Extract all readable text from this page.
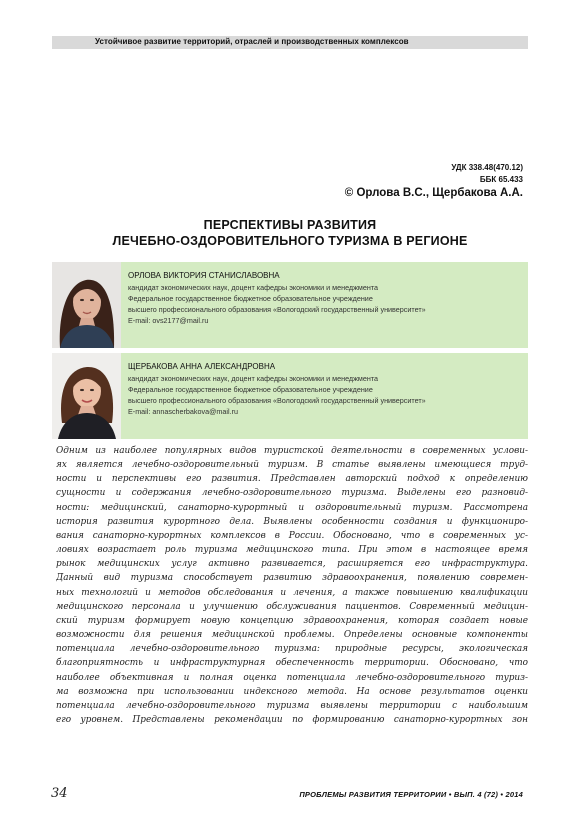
Устойчивое развитие территорий, отраслей и производственных комплексов
УДК 338.48(470.12)
ББК 65.433
© Орлова В.С., Щербакова А.А.
ПЕРСПЕКТИВЫ РАЗВИТИЯ
ЛЕЧЕБНО-ОЗДОРОВИТЕЛЬНОГО ТУРИЗМА В РЕГИОНЕ
ОРЛОВА ВИКТОРИЯ СТАНИСЛАВОВНА
кандидат экономических наук, доцент кафедры экономики и менеджмента
Федеральное государственное бюджетное образовательное учреждение
высшего профессионального образования «Вологодский государственный университет»
E-mail: ovs2177@mail.ru
ЩЕРБАКОВА АННА АЛЕКСАНДРОВНА
кандидат экономических наук, доцент кафедры экономики и менеджмента
Федеральное государственное бюджетное образовательное учреждение
высшего профессионального образования «Вологодский государственный университет»
E-mail: annascherbakova@mail.ru
Одним из наиболее популярных видов туристской деятельности в современных услови-
ях является лечебно-оздоровительный туризм. В статье выявлены имеющиеся труд-
ности и перспективы его развития. Представлен авторский подход к определению
сущности и содержания лечебно-оздоровительного туризма. Выделены его разновид-
ности: медицинский, санаторно-курортный и оздоровительный туризм. Рассмотрена
история развития курортного дела. Выявлены особенности создания и функциониро-
вания санаторно-курортных комплексов в России. Обосновано, что в современных ус-
ловиях возрастает роль туризма медицинского типа. При этом в настоящее время
рынок медицинских услуг активно развивается, расширяется его инфраструктура.
Данный вид туризма способствует развитию здравоохранения, появлению современ-
ных технологий и методов обследования и лечения, а также повышению квалификации
медицинского персонала и улучшению обслуживания пациентов. Современный медицин-
ский туризм формирует новую концепцию здравоохранения, которая создает новые
возможности для решения медицинской проблемы. Определены основные компоненты
потенциала лечебно-оздоровительного туризма: природные ресурсы, экологическая
благоприятность и инфраструктурная обеспеченность территории. Обосновано, что
наиболее объективная и полная оценка потенциала лечебно-оздоровительного туриз-
ма возможна при использовании индексного метода. На основе результатов оценки
потенциала лечебно-оздоровительного туризма выявлены территории с наибольшим
его уровнем. Представлены рекомендации по формированию санаторно-курортных зон
34	ПРОБЛЕМЫ РАЗВИТИЯ ТЕРРИТОРИИ • ВЫП. 4 (72) • 2014
